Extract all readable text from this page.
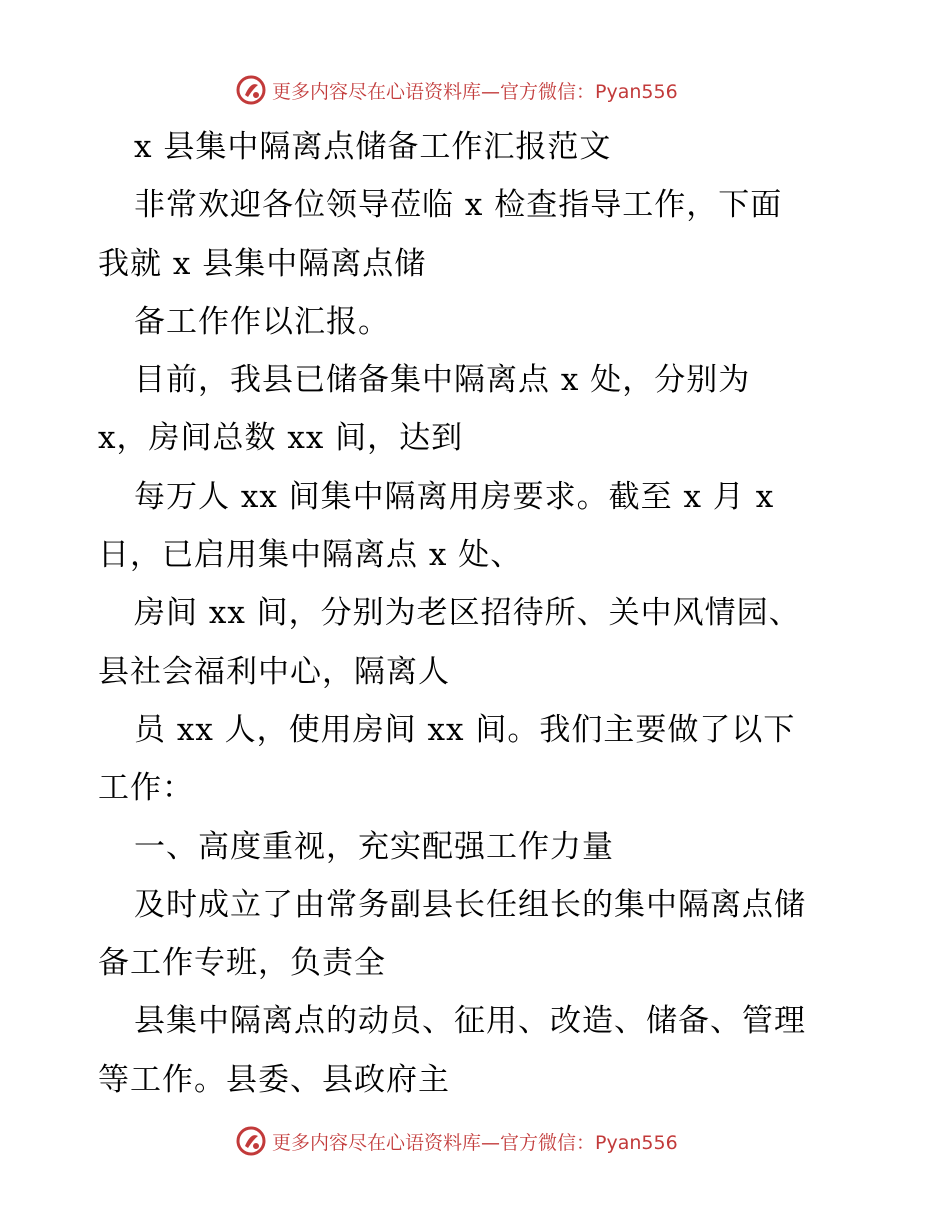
更多内容尽在心语资料库—官方微信：Pyan556
x 县集中隔离点储备工作汇报范文
非常欢迎各位领导莅临 x 检查指导工作，下面
我就 x 县集中隔离点储
备工作作以汇报。
目前，我县已储备集中隔离点 x 处，分别为
x，房间总数 xx 间，达到
每万人 xx 间集中隔离用房要求。截至 x 月 x
日，已启用集中隔离点 x 处、
房间 xx 间，分别为老区招待所、关中风情园、
县社会福利中心，隔离人
员 xx 人，使用房间 xx 间。我们主要做了以下
工作：
一、高度重视，充实配强工作力量
及时成立了由常务副县长任组长的集中隔离点储
备工作专班，负责全
县集中隔离点的动员、征用、改造、储备、管理
等工作。县委、县政府主
更多内容尽在心语资料库—官方微信：Pyan556
